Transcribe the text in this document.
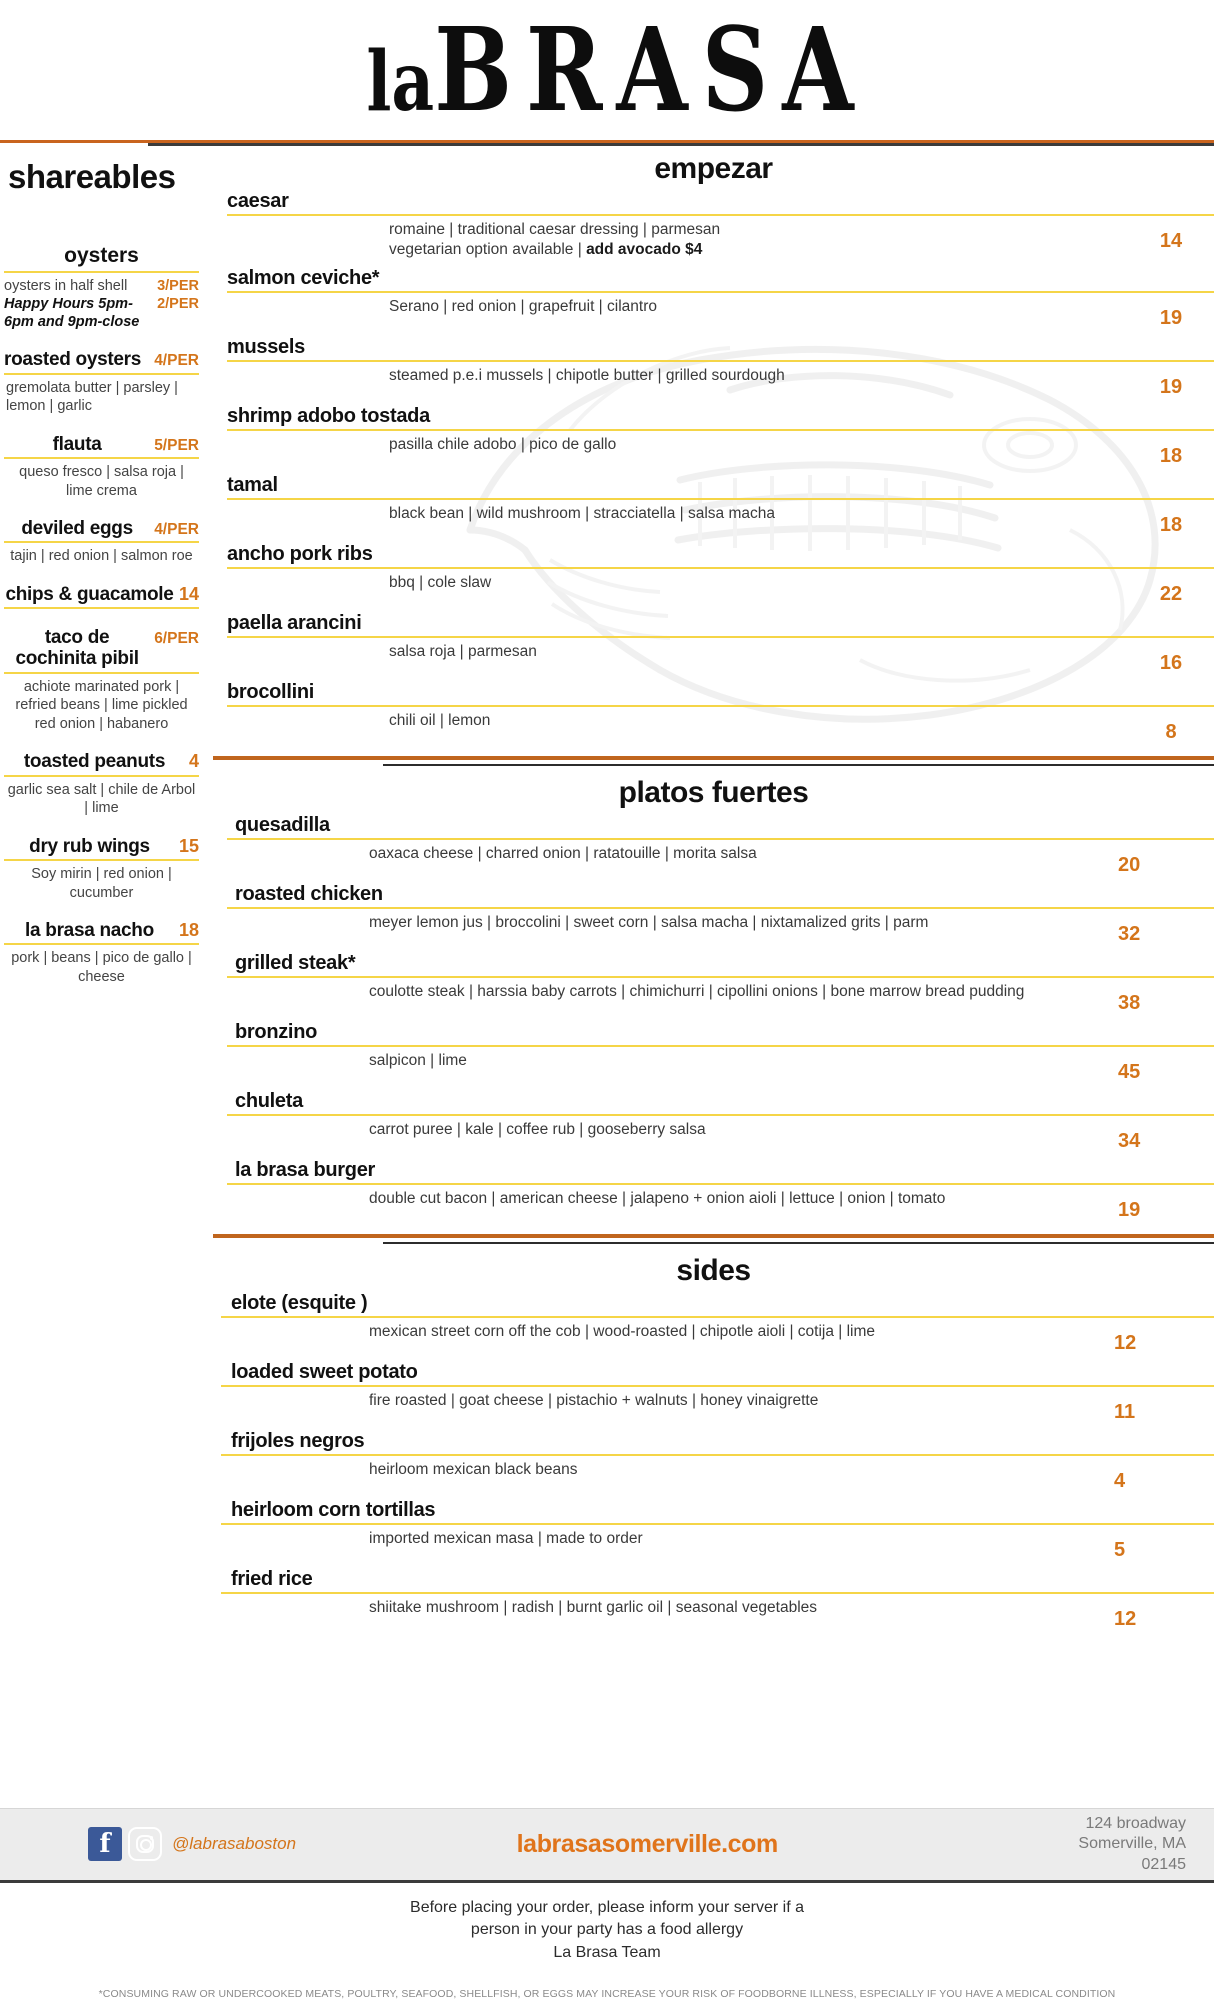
laBRASA
shareables
oysters
oysters in half shell 3/PER
Happy Hours 5pm-6pm and 9pm-close
2/PER
roasted oysters 4/PER
gremolata butter | parsley | lemon | garlic
flauta	5/PER
queso fresco | salsa roja | lime crema
deviled eggs	4/PER
tajin | red onion | salmon roe
chips & guacamole 14
taco de cochinita pibil
6/PER
achiote marinated pork | refried beans | lime pickled red onion | habanero
toasted peanuts	4
garlic sea salt | chile de Arbol | lime
dry rub wings	15
Soy mirin | red onion | cucumber
la brasa nacho	18
pork | beans | pico de gallo | cheese
empezar
caesar
romaine | traditional caesar dressing | parmesan
vegetarian option available | add avocado $4	14
salmon ceviche*
Serano | red onion | grapefruit | cilantro
19
mussels
steamed p.e.i mussels | chipotle butter | grilled sourdough
19
shrimp adobo tostada
pasilla chile adobo | pico de gallo
18
tamal
black bean | wild mushroom | stracciatella | salsa macha
18
ancho pork ribs
bbq | cole slaw
22
paella arancini
salsa roja | parmesan
16
brocollini
chili oil | lemon
8
platos fuertes
quesadilla
oaxaca cheese | charred onion | ratatouille | morita salsa
20
roasted chicken
meyer lemon jus | broccolini | sweet corn | salsa macha | nixtamalized grits | parm
32
grilled steak*
coulotte steak | harssia baby carrots | chimichurri | cipollini onions | bone marrow bread pudding
38
bronzino
salpicon | lime
45
chuleta
carrot puree | kale | coffee rub | gooseberry salsa
34
la brasa burger
double cut bacon | american cheese | jalapeno + onion aioli | lettuce | onion | tomato
19
sides
elote (esquite )
mexican street corn off the cob | wood-roasted | chipotle aioli | cotija | lime
12
loaded sweet potato
fire roasted | goat cheese | pistachio + walnuts | honey vinaigrette
11
frijoles negros
heirloom mexican black beans
4
heirloom corn tortillas
imported mexican masa | made to order
5
fried rice
shiitake mushroom | radish | burnt garlic oil | seasonal vegetables
12
f
@labrasaboston	labrasasomerville.com
124 broadway
Somerville, MA
02145
Before placing your order, please inform your server if a
person in your party has a food allergy
La Brasa Team
*CONSUMING RAW OR UNDERCOOKED MEATS, POULTRY, SEAFOOD, SHELLFISH, OR EGGS MAY INCREASE YOUR RISK OF FOODBORNE ILLNESS, ESPECIALLY IF YOU HAVE A MEDICAL CONDITION
